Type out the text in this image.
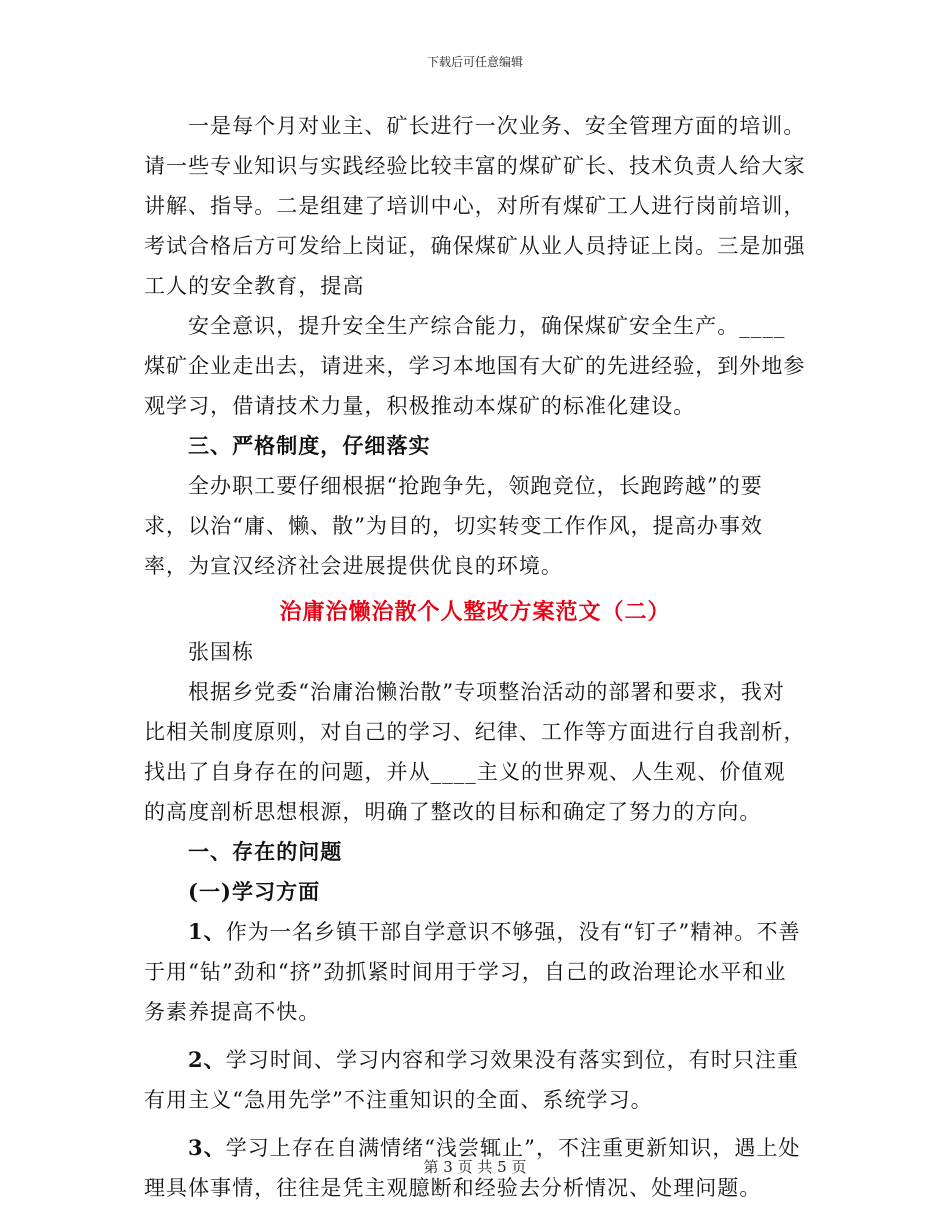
下载后可任意编辑

一是每个月对业主、矿长进行一次业务、安全管理方面的培训。请一些专业知识与实践经验比较丰富的煤矿矿长、技术负责人给大家讲解、指导。二是组建了培训中心，对所有煤矿工人进行岗前培训，考试合格后方可发给上岗证，确保煤矿从业人员持证上岗。三是加强工人的安全教育，提高

安全意识，提升安全生产综合能力，确保煤矿安全生产。____煤矿企业走出去，请进来，学习本地国有大矿的先进经验，到外地参观学习，借请技术力量，积极推动本煤矿的标准化建设。

三、严格制度，仔细落实

全办职工要仔细根据“抢跑争先，领跑竞位，长跑跨越”的要求，以治“庸、懒、散”为目的，切实转变工作作风，提高办事效率，为宣汉经济社会进展提供优良的环境。

治庸治懒治散个人整改方案范文（二）

张国栋

根据乡党委“治庸治懒治散”专项整治活动的部署和要求，我对比相关制度原则，对自己的学习、纪律、工作等方面进行自我剖析，找出了自身存在的问题，并从____主义的世界观、人生观、价值观的高度剖析思想根源，明确了整改的目标和确定了努力的方向。

一、存在的问题

(一)学习方面

1、作为一名乡镇干部自学意识不够强，没有“钉子”精神。不善于用“钻”劲和“挤”劲抓紧时间用于学习，自己的政治理论水平和业务素养提高不快。

2、学习时间、学习内容和学习效果没有落实到位，有时只注重有用主义“急用先学”不注重知识的全面、系统学习。

3、学习上存在自满情绪“浅尝辄止”，不注重更新知识，遇上处理具体事情，往往是凭主观臆断和经验去分析情况、处理问题。

第 3 页 共 5 页
